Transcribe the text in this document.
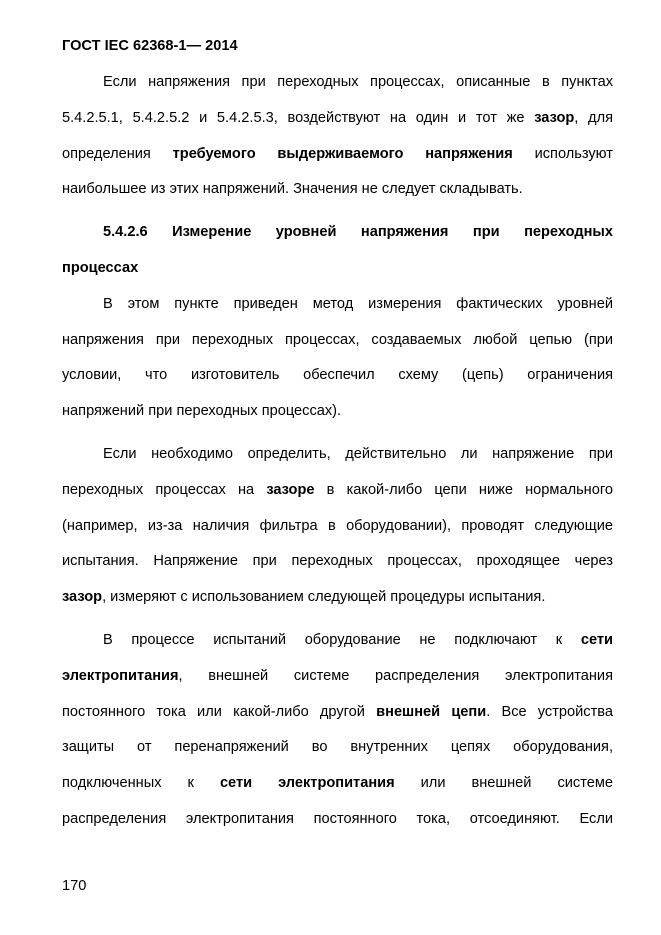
ГОСТ IEC 62368-1— 2014
Если напряжения при переходных процессах, описанные в пунктах
5.4.2.5.1, 5.4.2.5.2 и 5.4.2.5.3, воздействуют на один и тот же зазор, для
определения требуемого выдерживаемого напряжения используют
наибольшее из этих напряжений. Значения не следует складывать.
5.4.2.6 Измерение уровней напряжения при переходных
процессах
В этом пункте приведен метод измерения фактических уровней
напряжения при переходных процессах, создаваемых любой цепью (при
условии, что изготовитель обеспечил схему (цепь) ограничения
напряжений при переходных процессах).
Если необходимо определить, действительно ли напряжение при
переходных процессах на зазоре в какой-либо цепи ниже нормального
(например, из-за наличия фильтра в оборудовании), проводят следующие
испытания. Напряжение при переходных процессах, проходящее через
зазор, измеряют с использованием следующей процедуры испытания.
В процессе испытаний оборудование не подключают к сети
электропитания, внешней системе распределения электропитания
постоянного тока или какой-либо другой внешней цепи. Все устройства
защиты от перенапряжений во внутренних цепях оборудования,
подключенных к сети электропитания или внешней системе
распределения электропитания постоянного тока, отсоединяют. Если
170
